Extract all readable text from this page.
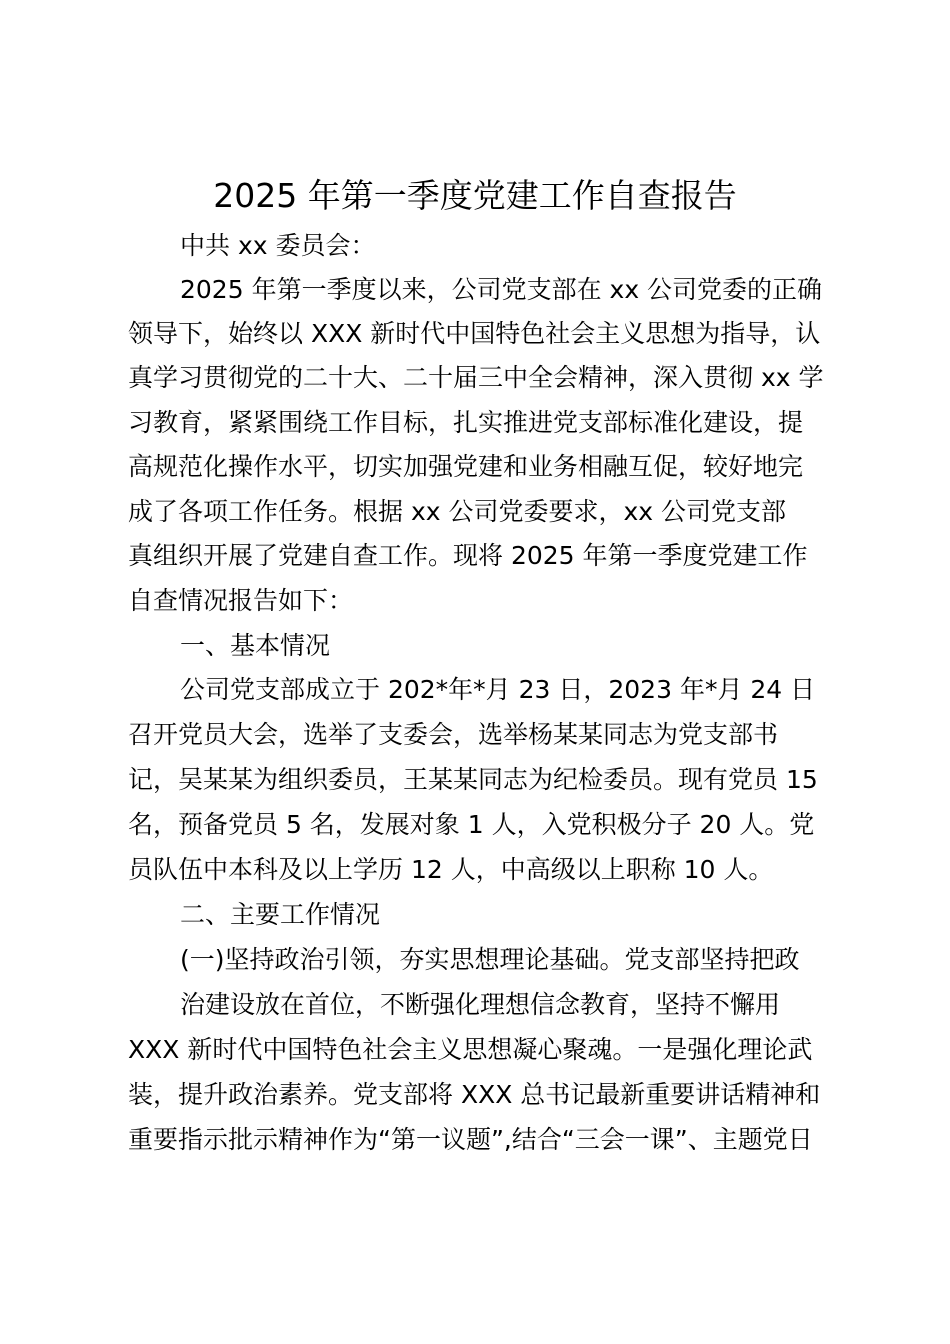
2025 年第一季度党建工作自查报告
中共 xx 委员会：
2025 年第一季度以来，公司党支部在 xx 公司党委的正确
领导下，始终以 XXX 新时代中国特色社会主义思想为指导，认
真学习贯彻党的二十大、二十届三中全会精神，深入贯彻 xx 学
习教育，紧紧围绕工作目标，扎实推进党支部标准化建设，提
高规范化操作水平，切实加强党建和业务相融互促，较好地完
成了各项工作任务。根据 xx 公司党委要求，xx 公司党支部
真组织开展了党建自查工作。现将 2025 年第一季度党建工作
自查情况报告如下：
一、基本情况
公司党支部成立于 202*年*月 23 日，2023 年*月 24 日
召开党员大会，选举了支委会，选举杨某某同志为党支部书
记，吴某某为组织委员，王某某同志为纪检委员。现有党员 15
名，预备党员 5 名，发展对象 1 人，入党积极分子 20 人。党
员队伍中本科及以上学历 12 人，中高级以上职称 10 人。
二、主要工作情况
(一)坚持政治引领，夯实思想理论基础。党支部坚持把政
治建设放在首位，不断强化理想信念教育，坚持不懈用
XXX 新时代中国特色社会主义思想凝心聚魂。一是强化理论武
装，提升政治素养。党支部将 XXX 总书记最新重要讲话精神和
重要指示批示精神作为“第一议题”,结合“三会一课”、主题党日
